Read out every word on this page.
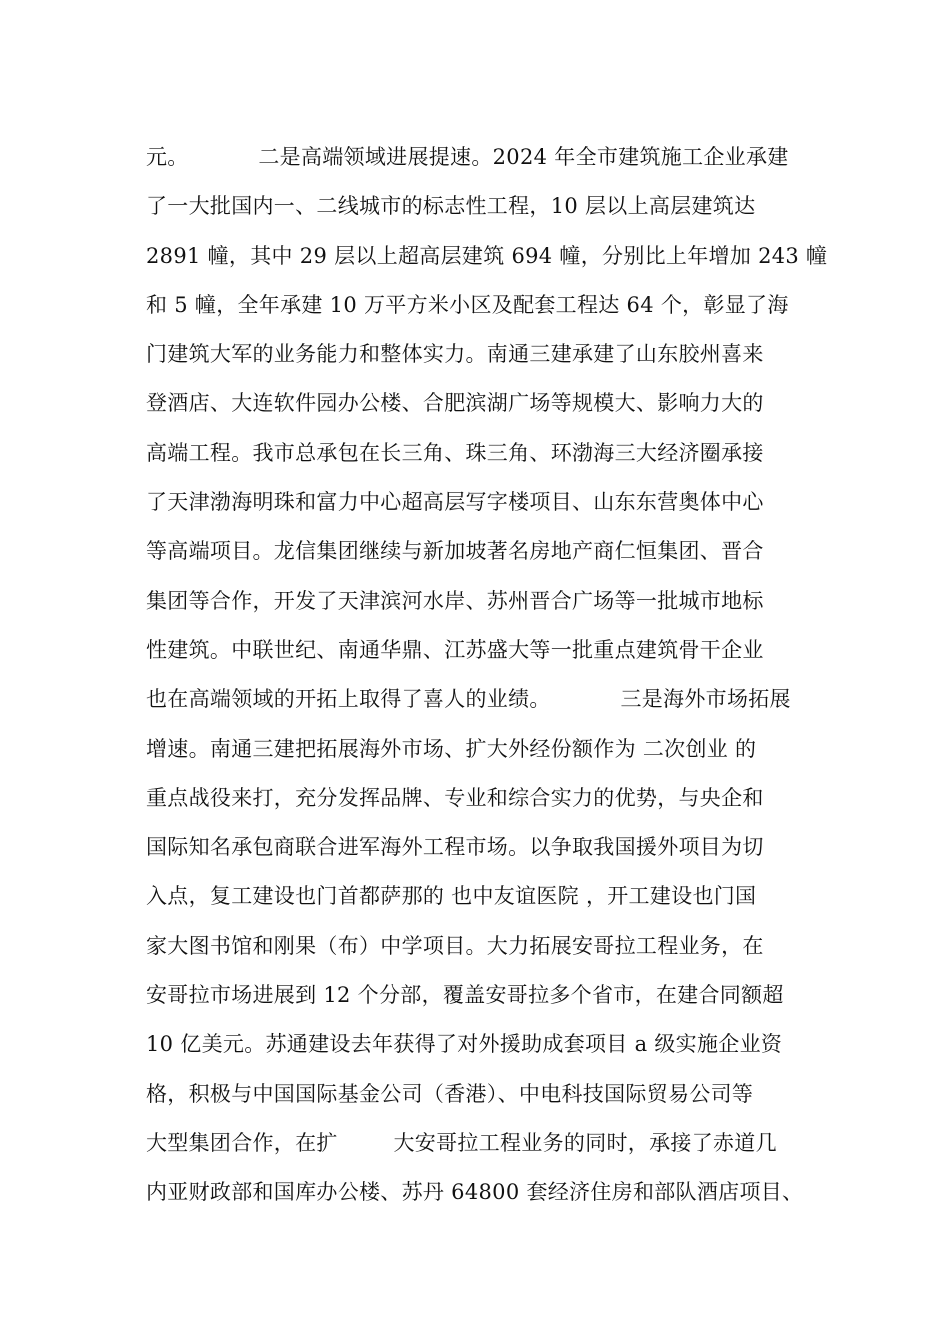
元。          二是高端领域进展提速。2024 年全市建筑施工企业承建
了一大批国内一、二线城市的标志性工程，10 层以上高层建筑达
2891 幢，其中 29 层以上超高层建筑 694 幢，分别比上年增加 243 幢
和 5 幢，全年承建 10 万平方米小区及配套工程达 64 个，彰显了海
门建筑大军的业务能力和整体实力。南通三建承建了山东胶州喜来
登酒店、大连软件园办公楼、合肥滨湖广场等规模大、影响力大的
高端工程。我市总承包在长三角、珠三角、环渤海三大经济圈承接
了天津渤海明珠和富力中心超高层写字楼项目、山东东营奥体中心
等高端项目。龙信集团继续与新加坡著名房地产商仁恒集团、晋合
集团等合作，开发了天津滨河水岸、苏州晋合广场等一批城市地标
性建筑。中联世纪、南通华鼎、江苏盛大等一批重点建筑骨干企业
也在高端领域的开拓上取得了喜人的业绩。          三是海外市场拓展
增速。南通三建把拓展海外市场、扩大外经份额作为 二次创业 的
重点战役来打，充分发挥品牌、专业和综合实力的优势，与央企和
国际知名承包商联合进军海外工程市场。以争取我国援外项目为切
入点，复工建设也门首都萨那的 也中友谊医院 ，开工建设也门国
家大图书馆和刚果（布）中学项目。大力拓展安哥拉工程业务，在
安哥拉市场进展到 12 个分部，覆盖安哥拉多个省市，在建合同额超
10 亿美元。苏通建设去年获得了对外援助成套项目 a 级实施企业资
格，积极与中国国际基金公司（香港）、中电科技国际贸易公司等
大型集团合作，在扩        大安哥拉工程业务的同时，承接了赤道几
内亚财政部和国库办公楼、苏丹 64800 套经济住房和部队酒店项目、
